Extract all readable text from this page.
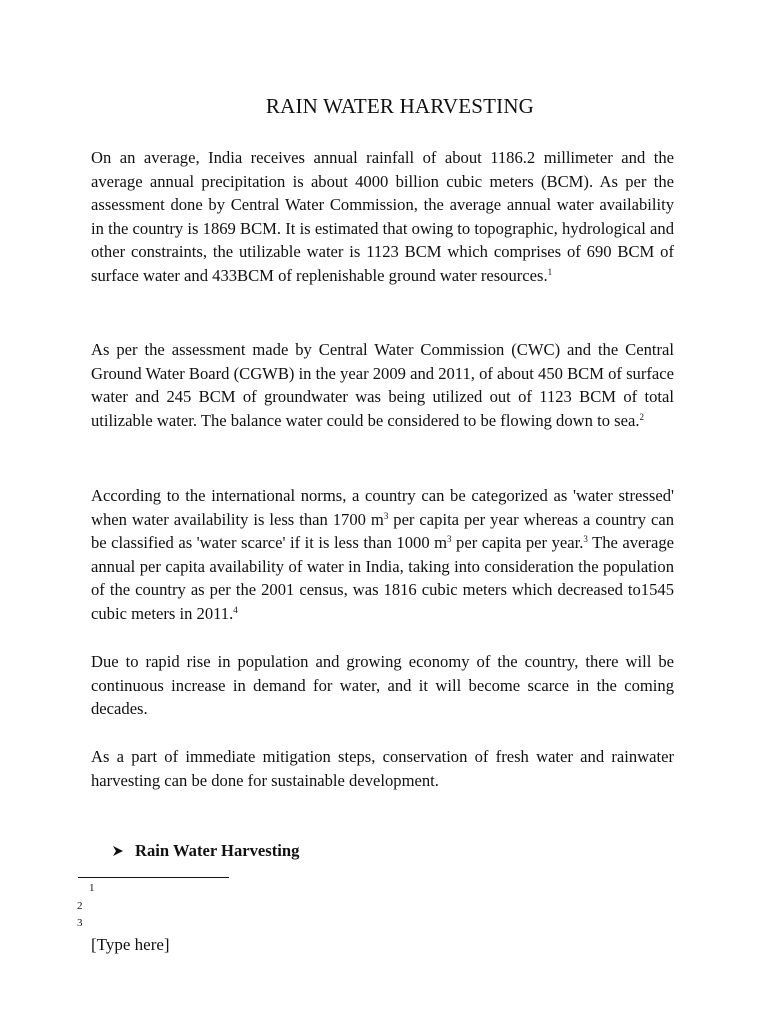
RAIN WATER HARVESTING

On an average, India receives annual rainfall of about 1186.2 millimeter and the average annual precipitation is about 4000 billion cubic meters (BCM). As per the assessment done by Central Water Commission, the average annual water availability in the country is 1869 BCM. It is estimated that owing to topographic, hydrological and other constraints, the utilizable water is 1123 BCM which comprises of 690 BCM of surface water and 433BCM of replenishable ground water resources.$^1$

As per the assessment made by Central Water Commission (CWC) and the Central Ground Water Board (CGWB) in the year 2009 and 2011, of about 450 BCM of surface water and 245 BCM of groundwater was being utilized out of 1123 BCM of total utilizable water. The balance water could be considered to be flowing down to sea.$^2$

According to the international norms, a country can be categorized as 'water stressed' when water availability is less than 1700 $m^3$ per capita per year whereas a country can be classified as 'water scarce' if it is less than 1000 $m^3$ per capita per year.$^3$ The average annual per capita availability of water in India, taking into consideration the population of the country as per the 2001 census, was 1816 cubic meters which decreased to1545 cubic meters in 2011.$^4$

Due to rapid rise in population and growing economy of the country, there will be continuous increase in demand for water, and it will become scarce in the coming decades.

As a part of immediate mitigation steps, conservation of fresh water and rainwater harvesting can be done for sustainable development.

Rain Water Harvesting

1

2

3

[Type here]
